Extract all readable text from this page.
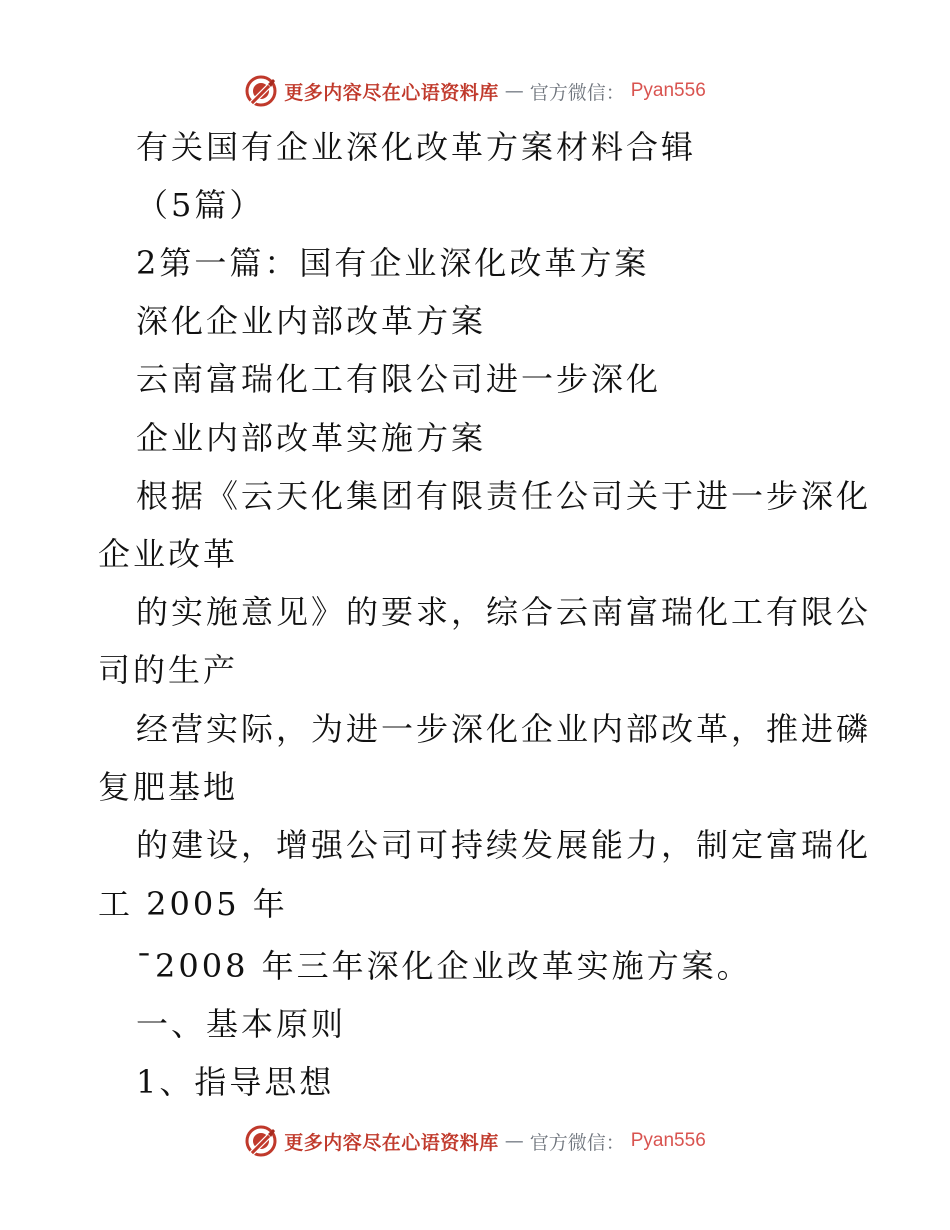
更多内容尽在心语资料库 — 官方微信： Pyan556
有关国有企业深化改革方案材料合辑
（5篇）
2第一篇：国有企业深化改革方案
深化企业内部改革方案
云南富瑞化工有限公司进一步深化
企业内部改革实施方案
根据《云天化集团有限责任公司关于进一步深化
企业改革
的实施意见》的要求，综合云南富瑞化工有限公
司的生产
经营实际，为进一步深化企业内部改革，推进磷
复肥基地
的建设，增强公司可持续发展能力，制定富瑞化
工 2005 年
¯2008 年三年深化企业改革实施方案。
一、基本原则
1、指导思想
更多内容尽在心语资料库 — 官方微信： Pyan556
